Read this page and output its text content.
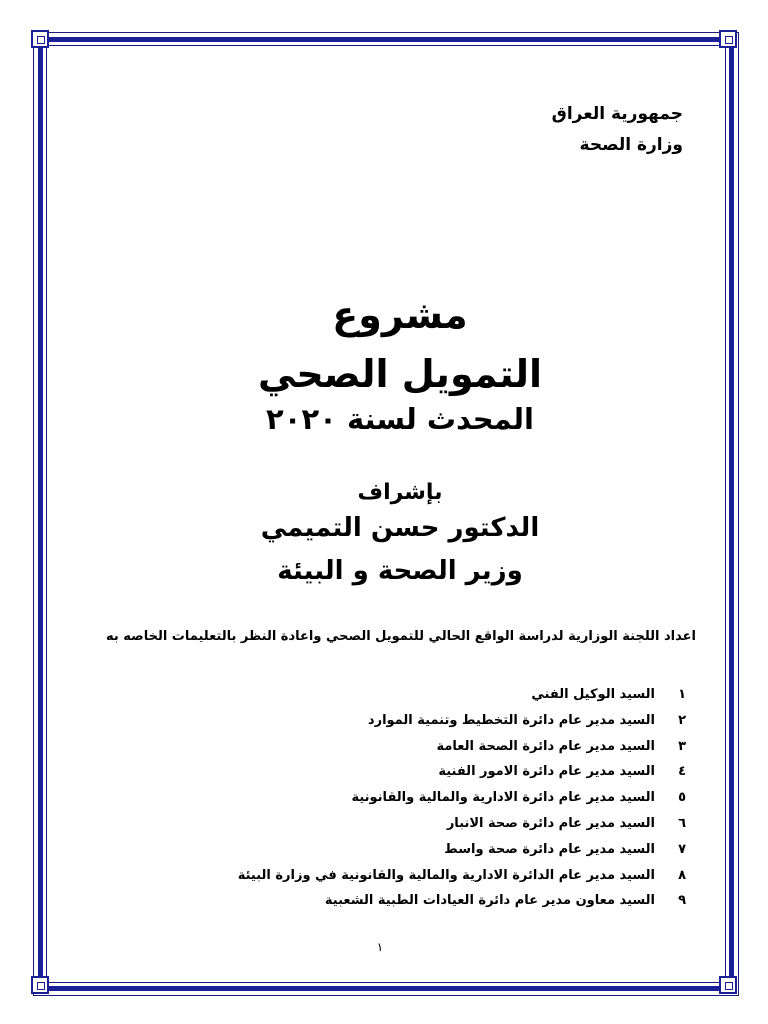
جمهورية العراق
وزارة الصحة
مشروع
التمويل الصحي
المحدث لسنة ٢٠٢٠
بإشراف
الدكتور حسن التميمي
وزير الصحة و البيئة
اعداد اللجنة الوزارية لدراسة الواقع الحالي للتمويل الصحي واعادة النظر بالتعليمات الخاصه به
١  السيد الوكيل الفني
٢  السيد مدير عام دائرة التخطيط وتنمية الموارد
٣  السيد مدير عام دائرة الصحة العامة
٤  السيد مدير عام دائرة الامور الفنية
٥  السيد مدير عام دائرة الادارية والمالية والقانونية
٦  السيد مدير عام دائرة صحة الانبار
٧  السيد مدير عام دائرة صحة واسط
٨  السيد مدير عام الدائرة الادارية والمالية والقانونية في وزارة البيئة
٩  السيد معاون مدير عام دائرة العيادات الطبية الشعبية
١
